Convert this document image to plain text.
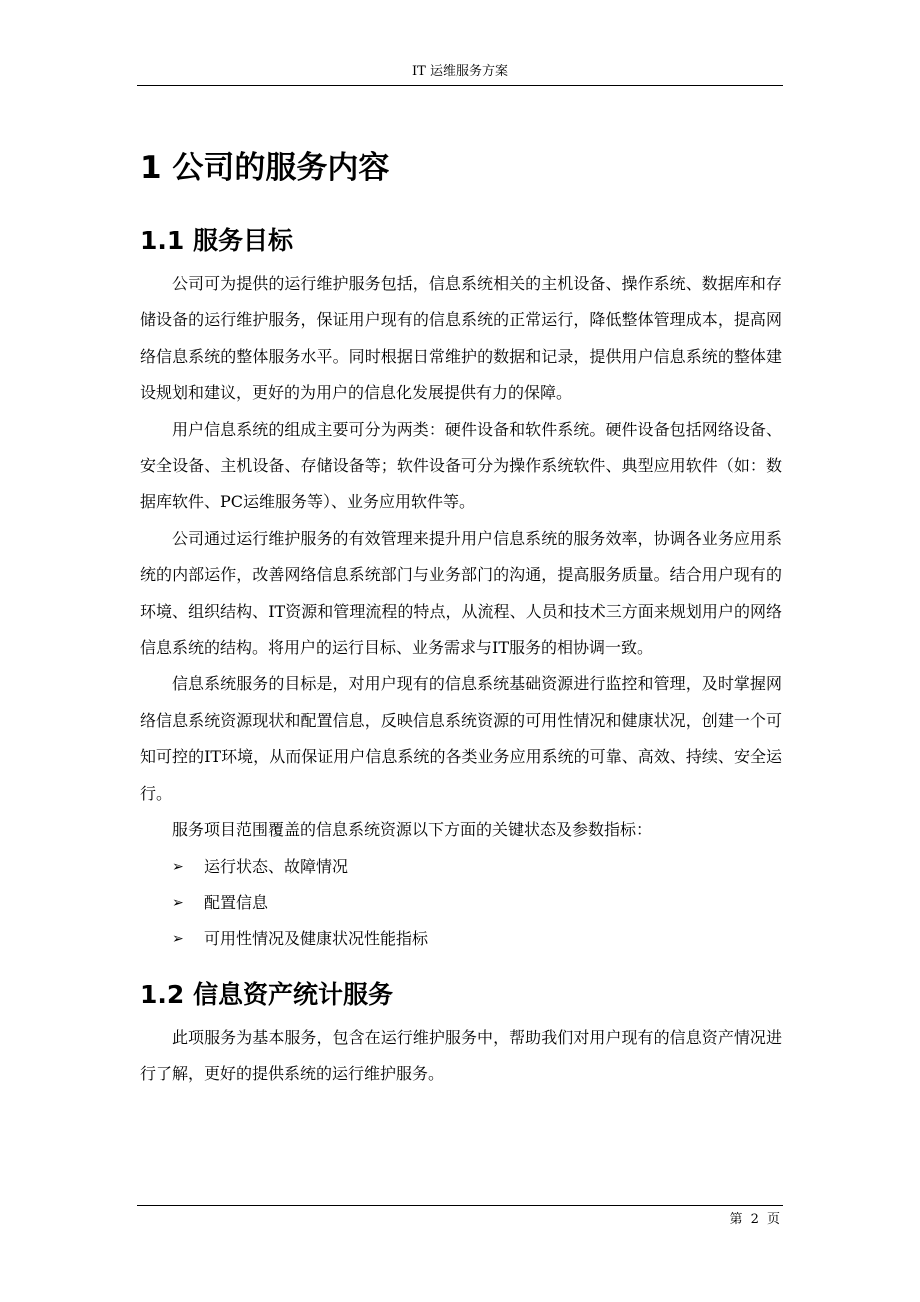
IT 运维服务方案
1 公司的服务内容
1.1 服务目标

公司可为提供的运行维护服务包括，信息系统相关的主机设备、操作系统、数据库和存储设备的运行维护服务，保证用户现有的信息系统的正常运行，降低整体管理成本，提高网络信息系统的整体服务水平。同时根据日常维护的数据和记录，提供用户信息系统的整体建设规划和建议，更好的为用户的信息化发展提供有力的保障。

用户信息系统的组成主要可分为两类：硬件设备和软件系统。硬件设备包括网络设备、安全设备、主机设备、存储设备等；软件设备可分为操作系统软件、典型应用软件（如：数据库软件、PC运维服务等）、业务应用软件等。

公司通过运行维护服务的有效管理来提升用户信息系统的服务效率，协调各业务应用系统的内部运作，改善网络信息系统部门与业务部门的沟通，提高服务质量。结合用户现有的环境、组织结构、IT资源和管理流程的特点，从流程、人员和技术三方面来规划用户的网络信息系统的结构。将用户的运行目标、业务需求与IT服务的相协调一致。

信息系统服务的目标是，对用户现有的信息系统基础资源进行监控和管理，及时掌握网络信息系统资源现状和配置信息，反映信息系统资源的可用性情况和健康状况，创建一个可知可控的IT环境，从而保证用户信息系统的各类业务应用系统的可靠、高效、持续、安全运行。

服务项目范围覆盖的信息系统资源以下方面的关键状态及参数指标：

➢	运行状态、故障情况
➢	配置信息
➢	可用性情况及健康状况性能指标
1.2 信息资产统计服务

此项服务为基本服务，包含在运行维护服务中，帮助我们对用户现有的信息资产情况进行了解，更好的提供系统的运行维护服务。

第 2 页
